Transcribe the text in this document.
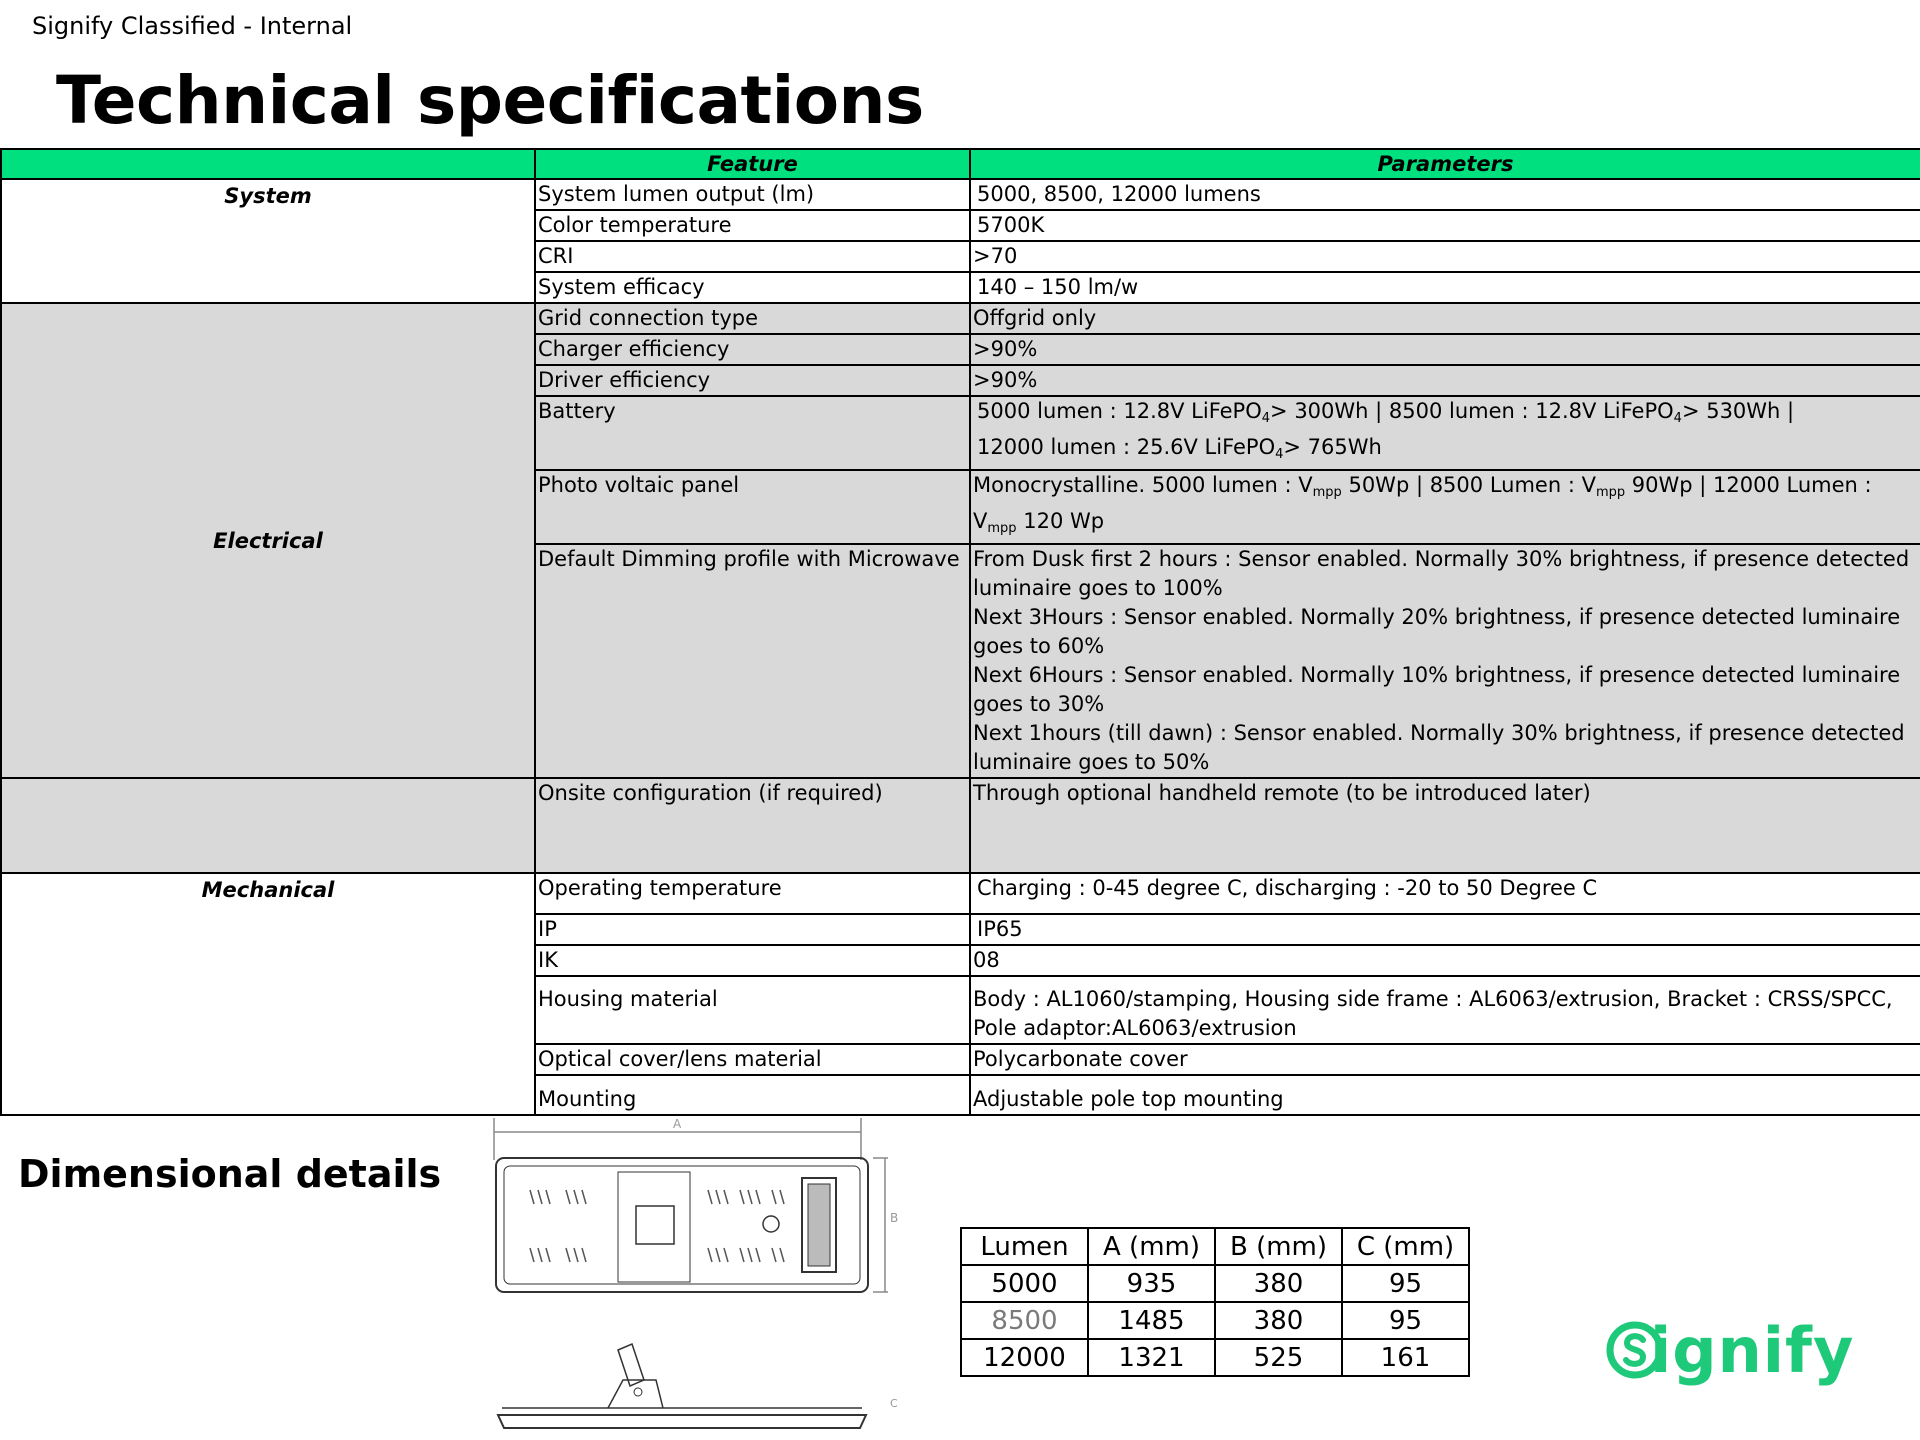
Signify Classified - Internal
Technical specifications
	Feature	Parameters
System	System lumen output (lm)	5000, 8500, 12000 lumens
	Color temperature	5700K
	CRI	>70
	System efficacy	140 – 150 lm/w
Electrical	Grid connection type	Offgrid only
	Charger efficiency	>90%
	Driver efficiency	>90%
	Battery	5000 lumen : 12.8V LiFePO$_4$> 300Wh | 8500 lumen : 12.8V LiFePO$_4$> 530Wh |
12000 lumen : 25.6V LiFePO$_4$> 765Wh
	Photo voltaic panel	Monocrystalline. 5000 lumen : $V_{mpp}$ 50Wp | 8500 Lumen : $V_{mpp}$ 90Wp | 12000 Lumen : $V_{mpp}$ 120 Wp
	Default Dimming profile with Microwave	From Dusk first 2 hours : Sensor enabled. Normally 30% brightness, if presence detected luminaire goes to 100%
Next 3Hours : Sensor enabled. Normally 20% brightness, if presence detected luminaire goes to 60%
Next 6Hours : Sensor enabled. Normally 10% brightness, if presence detected luminaire goes to 30%
Next 1hours (till dawn) : Sensor enabled. Normally 30% brightness, if presence detected luminaire goes to 50%

	Onsite configuration (if required)	Through optional handheld remote (to be introduced later)
Mechanical	Operating temperature	Charging : 0-45 degree C, discharging : -20 to 50 Degree C
	IP	IP65
	IK	08
	Housing material	Body : AL1060/stamping, Housing side frame : AL6063/extrusion, Bracket : CRSS/SPCC, Pole adaptor:AL6063/extrusion
	Optical cover/lens material	Polycarbonate cover
	Mounting	Adjustable pole top mounting
Dimensional details
A
B
C
Lumen	A (mm)	B (mm)	C (mm)
5000	935	380	95
8500	1485	380	95
12000	1321	525	161	ignify
